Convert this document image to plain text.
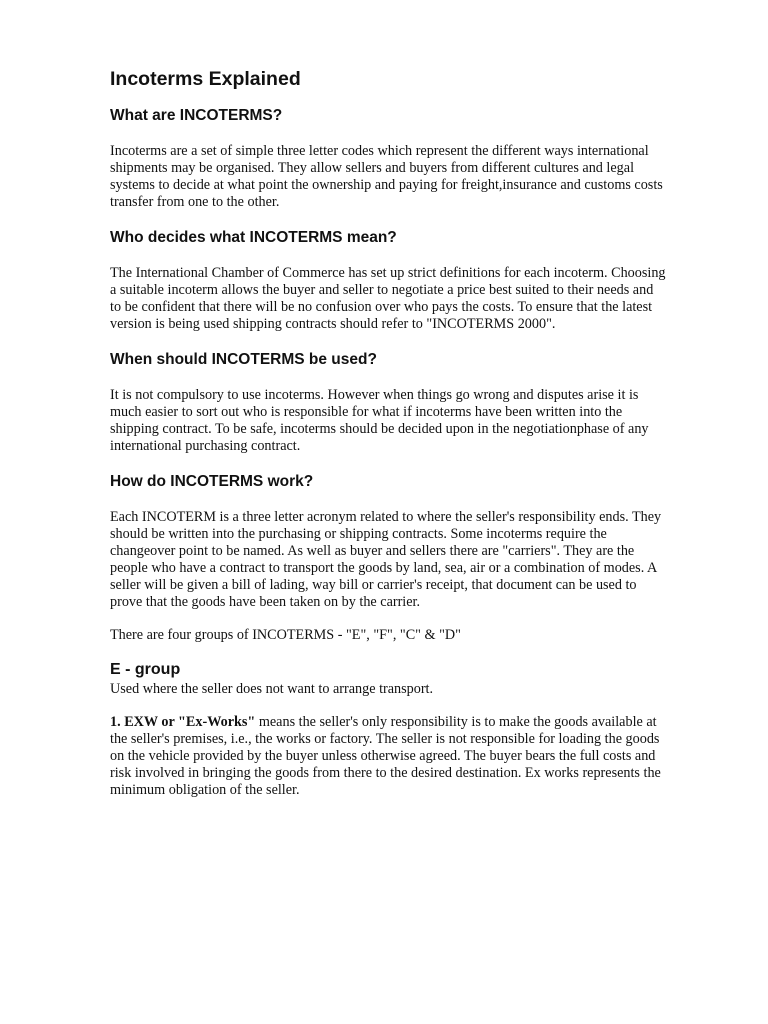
Incoterms Explained
What are INCOTERMS?

Incoterms are a set of simple three letter codes which represent the different ways international shipments may be organised. They allow sellers and buyers from different cultures and legal systems to decide at what point the ownership and paying for freight,insurance and customs costs transfer from one to the other.

Who decides what INCOTERMS mean?

The International Chamber of Commerce has set up strict definitions for each incoterm. Choosing a suitable incoterm allows the buyer and seller to negotiate a price best suited to their needs and to be confident that there will be no confusion over who pays the costs. To ensure that the latest version is being used shipping contracts should refer to "INCOTERMS 2000".

When should INCOTERMS be used?

It is not compulsory to use incoterms. However when things go wrong and disputes arise it is much easier to sort out who is responsible for what if incoterms have been written into the shipping contract. To be safe, incoterms should be decided upon in the negotiationphase of any international purchasing contract.

How do INCOTERMS work?

Each INCOTERM is a three letter acronym related to where the seller's responsibility ends. They should be written into the purchasing or shipping contracts. Some incoterms require the changeover point to be named. As well as buyer and sellers there are "carriers". They are the people who have a contract to transport the goods by land, sea, air or a combination of modes. A seller will be given a bill of lading, way bill or carrier's receipt, that document can be used to prove that the goods have been taken on by the carrier.

There are four groups of INCOTERMS - "E", "F", "C" & "D"

E - group

Used where the seller does not want to arrange transport.

1. EXW or "Ex-Works" means the seller's only responsibility is to make the goods available at the seller's premises, i.e., the works or factory. The seller is not responsible for loading the goods on the vehicle provided by the buyer unless otherwise agreed. The buyer bears the full costs and risk involved in bringing the goods from there to the desired destination. Ex works represents the minimum obligation of the seller.
